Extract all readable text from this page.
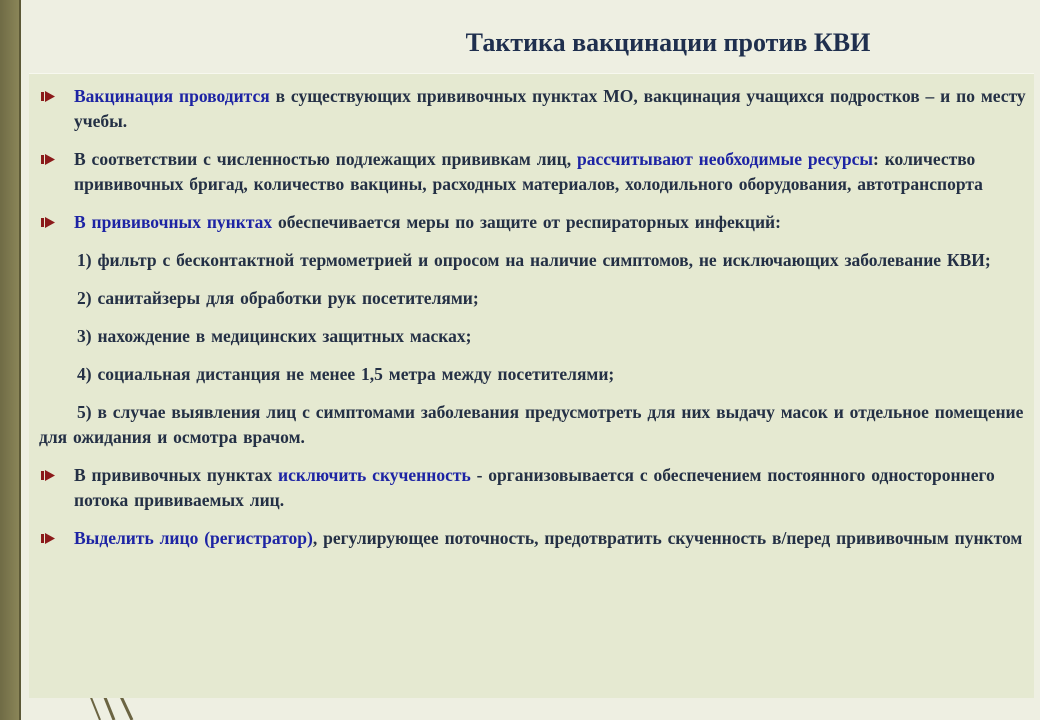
Тактика вакцинации против КВИ
Вакцинация проводится в существующих прививочных пунктах МО, вакцинация учащихся подростков – и по месту учебы.
В соответствии с численностью подлежащих прививкам лиц, рассчитывают необходимые ресурсы: количество прививочных бригад, количество вакцины, расходных материалов, холодильного оборудования, автотранспорта
В прививочных пунктах обеспечивается меры по защите от респираторных инфекций:
1) фильтр с бесконтактной термометрией и опросом на наличие симптомов, не исключающих заболевание КВИ;
2) санитайзеры для обработки рук посетителями;
3) нахождение в медицинских защитных масках;
4) социальная дистанция не менее 1,5 метра между посетителями;
5) в случае выявления лиц с симптомами заболевания предусмотреть для них выдачу масок и отдельное помещение для ожидания и осмотра врачом.
В прививочных пунктах исключить скученность - организовывается с обеспечением постоянного одностороннего потока прививаемых лиц.
Выделить лицо (регистратор), регулирующее поточность, предотвратить скученность в/перед прививочным пунктом
